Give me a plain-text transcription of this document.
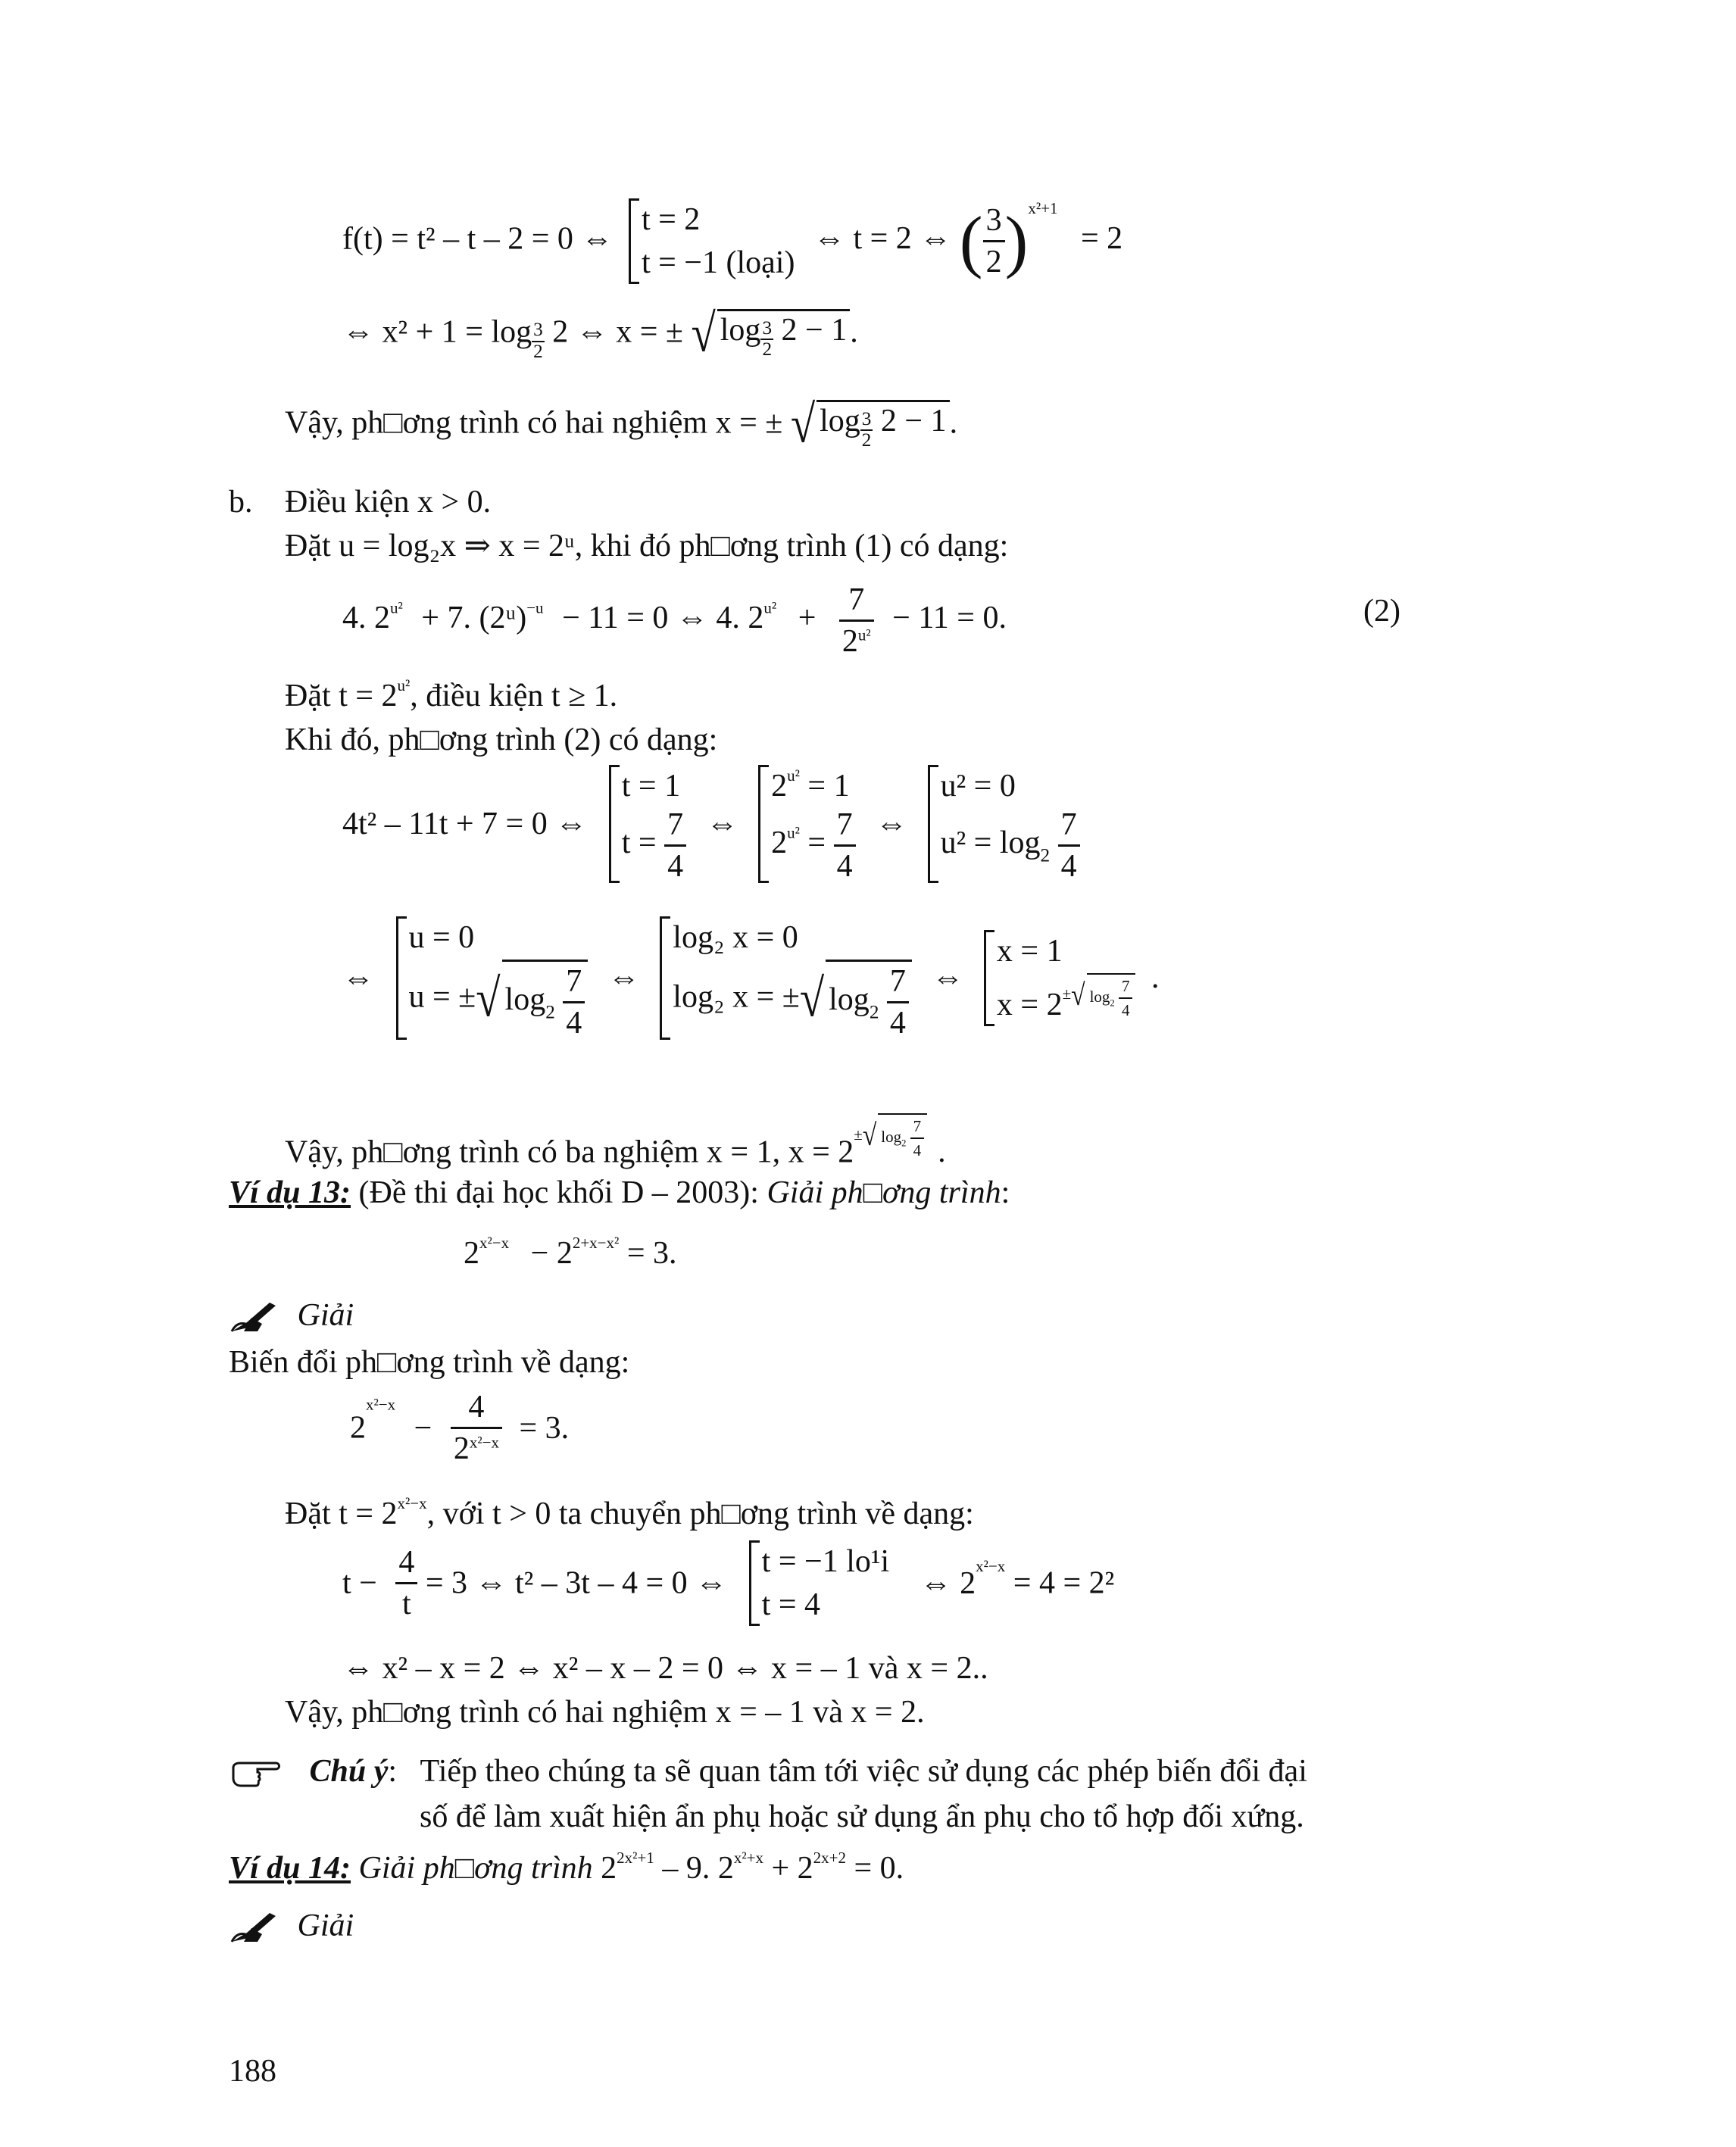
f(t) = t² – t – 2 = 0 ⇔
t = 2
t = −1 (loại)
⇔ t = 2 ⇔ ( $\frac{3}{2} )^{x^2+1} = 2$
⇔ $x^2 + 1 = \log \frac{3}{2} 2$ ⇔ x = ± √ $\log \frac{3}{2} 2 - 1$.
Vậy, ph□ơng trình có hai nghiệm x = ± √ $\log \frac{3}{2} 2 - 1$.
b. Điều kiện x > 0.
Đặt u = log₂x ⇒ x = 2ᵘ, khi đó ph□ơng trình (1) có dạng:
4. $2^{u^2} + 7$. (2ᵘ)$^{-u}$ − 11 = 0 ⇔ 4. $2^{u^2} + \frac{7}{2^{u^2}} - 11 = 0$.	(2)
Đặt $t = 2^{u^2}$, điều kiện t ≥ 1.
Khi đó, ph□ơng trình (2) có dạng:
4t² – 11t + 7 = 0 ⇔
t = 1
$t = \frac{7}{4}$ ⇔
$2^{u^2} = 1$
$2^{u^2} = \frac{7}{4}$ ⇔
u² = 0
$u^2 = \log_2 \frac{7}{4}$
⇔
u = 0
u = ±√ $\log_2 \frac{7}{4}$ ⇔
log₂ x = 0
log₂ x = ±√ $\log_2 \frac{7}{4}$ ⇔
x = 1
$x = 2^{\pm√ log_2 \frac{7}{4}}$ .
Vậy, ph□ơng trình có ba nghiệm x = 1, $x = 2^{\pm√ log_2 \frac{7}{4}}$ .
Ví dụ 13: (Đề thi đại học khối D – 2003): Giải ph□ơng trình:
$2^{x^2-x} - 2^{2+x-x^2} = 3$.
Giải
Biến đổi ph□ơng trình về dạng:
$2^{x^2-x} - \frac{4}{2^{x^2-x}} = 3$.
Đặt $t = 2^{x^2-x}$, với t > 0 ta chuyển ph□ơng trình về dạng:
$t - \frac{4}{t} = 3$ ⇔ t² – 3t – 4 = 0 ⇔
t = −1 lo¹i
t = 4
⇔ $2^{x^2-x} = 4 = 2^2$
⇔ x² – x = 2 ⇔ x² – x – 2 = 0 ⇔ x = – 1 và x = 2..
Vậy, ph□ơng trình có hai nghiệm x = – 1 và x = 2.
Chú ý: Tiếp theo chúng ta sẽ quan tâm tới việc sử dụng các phép biến đổi đại
số để làm xuất hiện ẩn phụ hoặc sử dụng ẩn phụ cho tổ hợp đối xứng.
Ví dụ 14: Giải ph□ơng trình $2^{2x^2+1} - 9$. $2^{x^2+x} + 2^{2x+2} = 0$.
Giải
188
